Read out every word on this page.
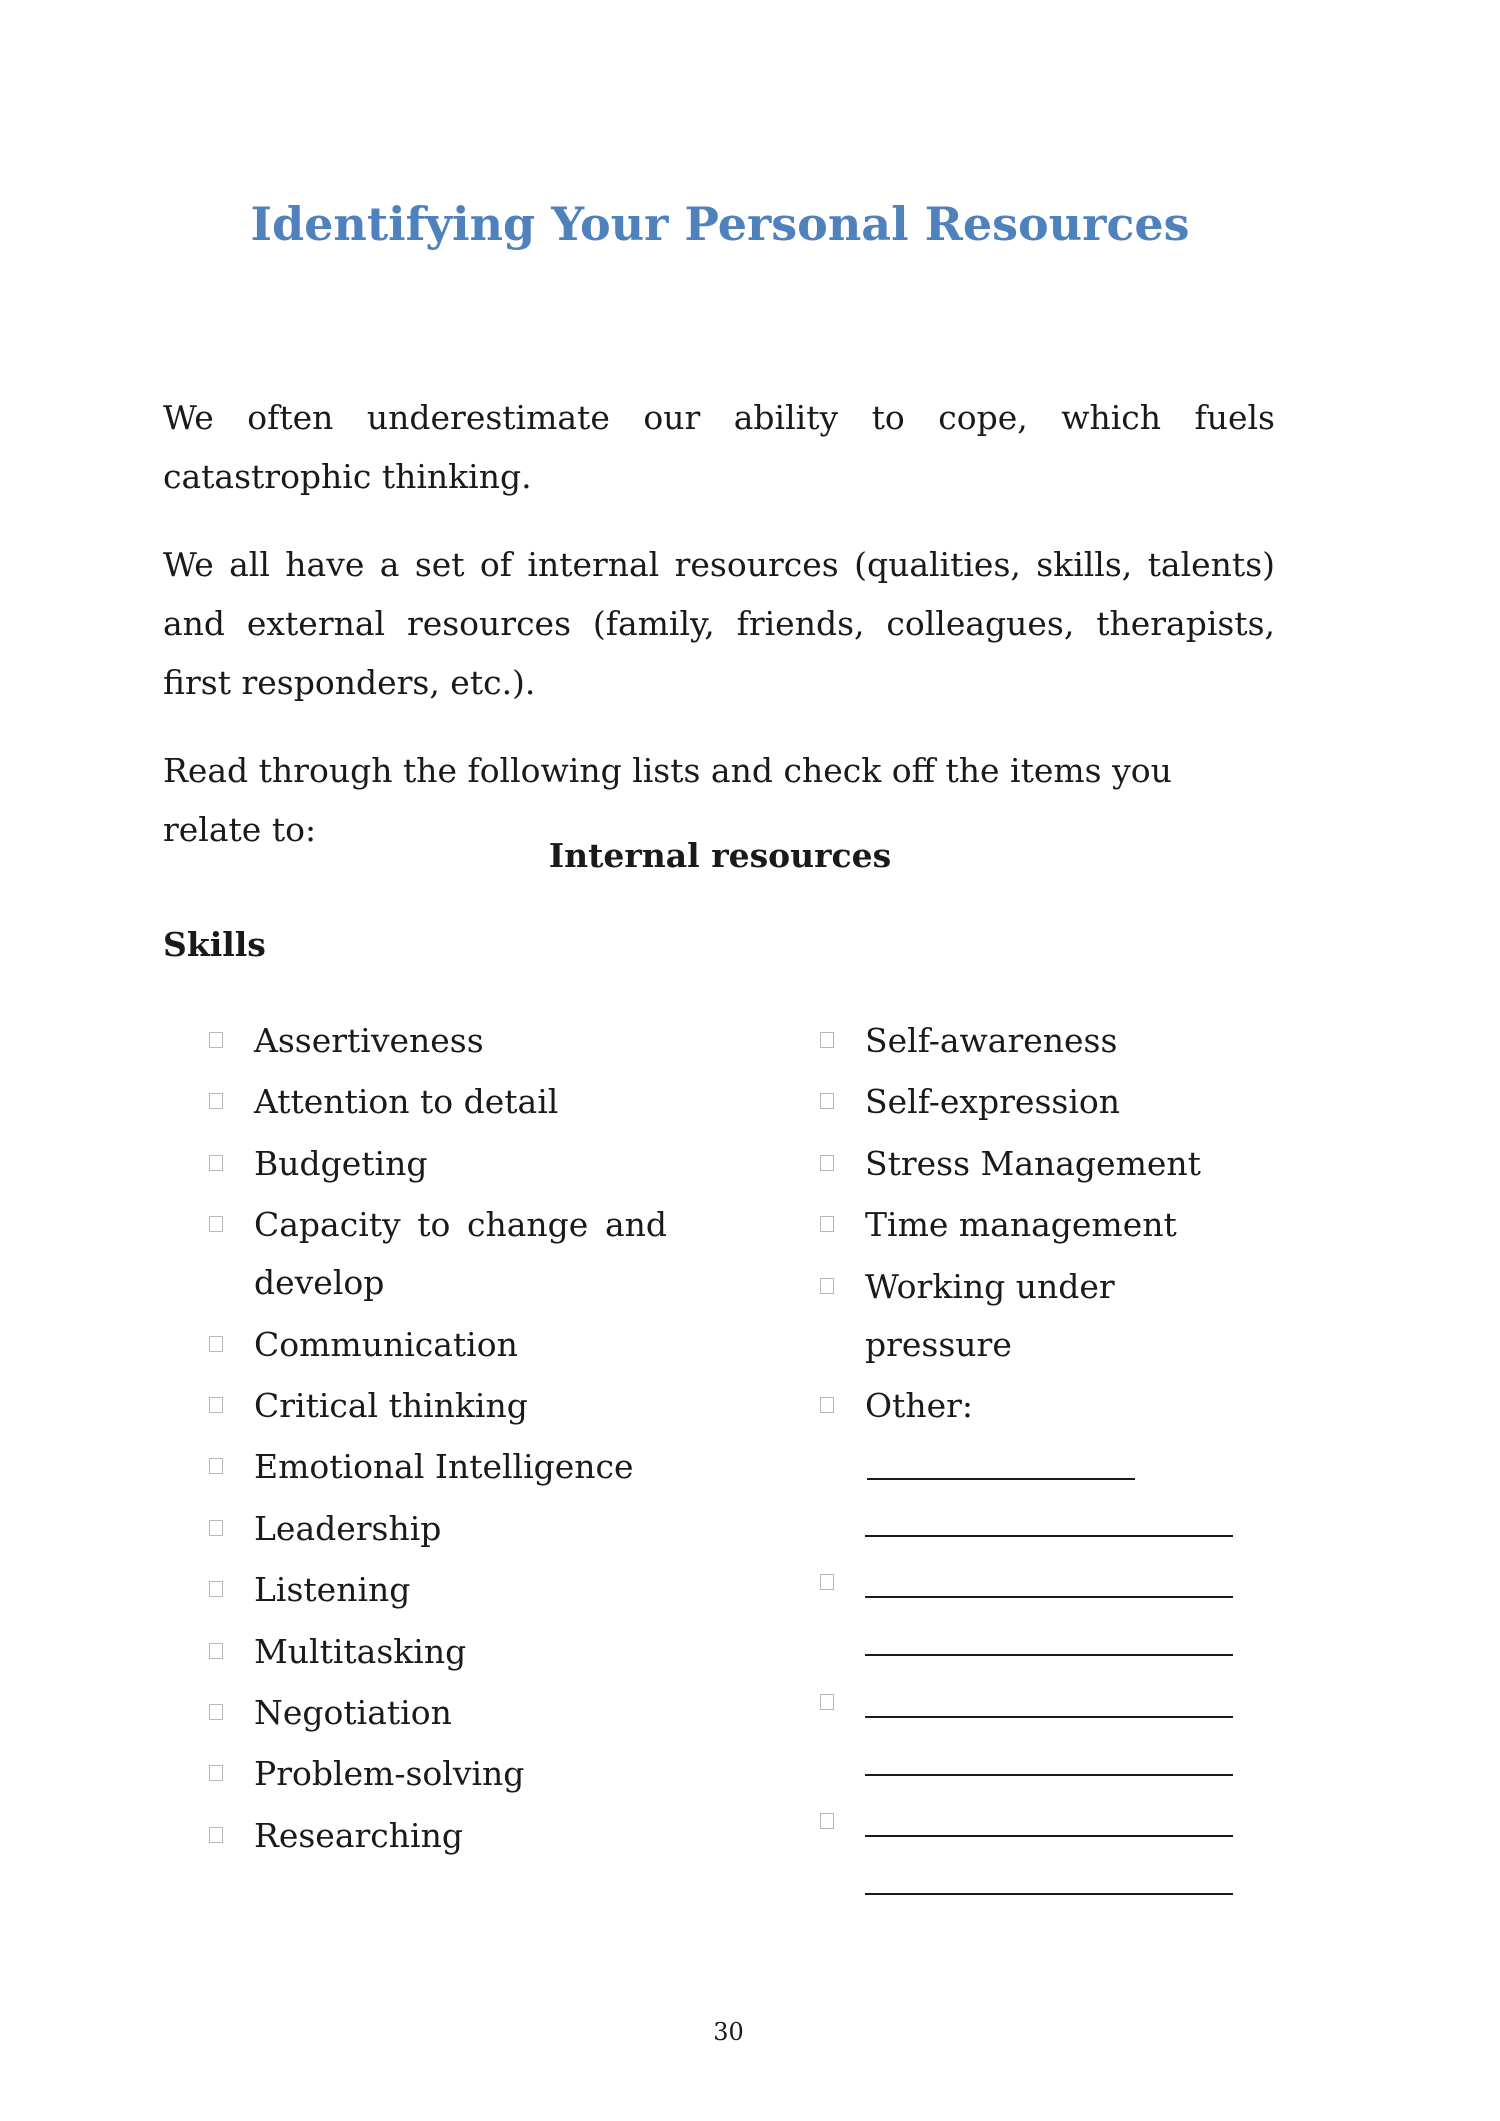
Identifying Your Personal Resources

We often underestimate our ability to cope, which fuels catastrophic thinking.

We all have a set of internal resources (qualities, skills, talents) and external resources (family, friends, colleagues, therapists, first responders, etc.).

Read through the following lists and check off the items you relate to:

Internal resources
Skills
Assertiveness
Attention to detail
Budgeting
Capacity to change and develop
Communication
Critical thinking
Emotional Intelligence
Leadership
Listening
Multitasking
Negotiation
Problem-solving
Researching
Self-awareness
Self-expression
Stress Management
Time management
Working under pressure
Other:

30
